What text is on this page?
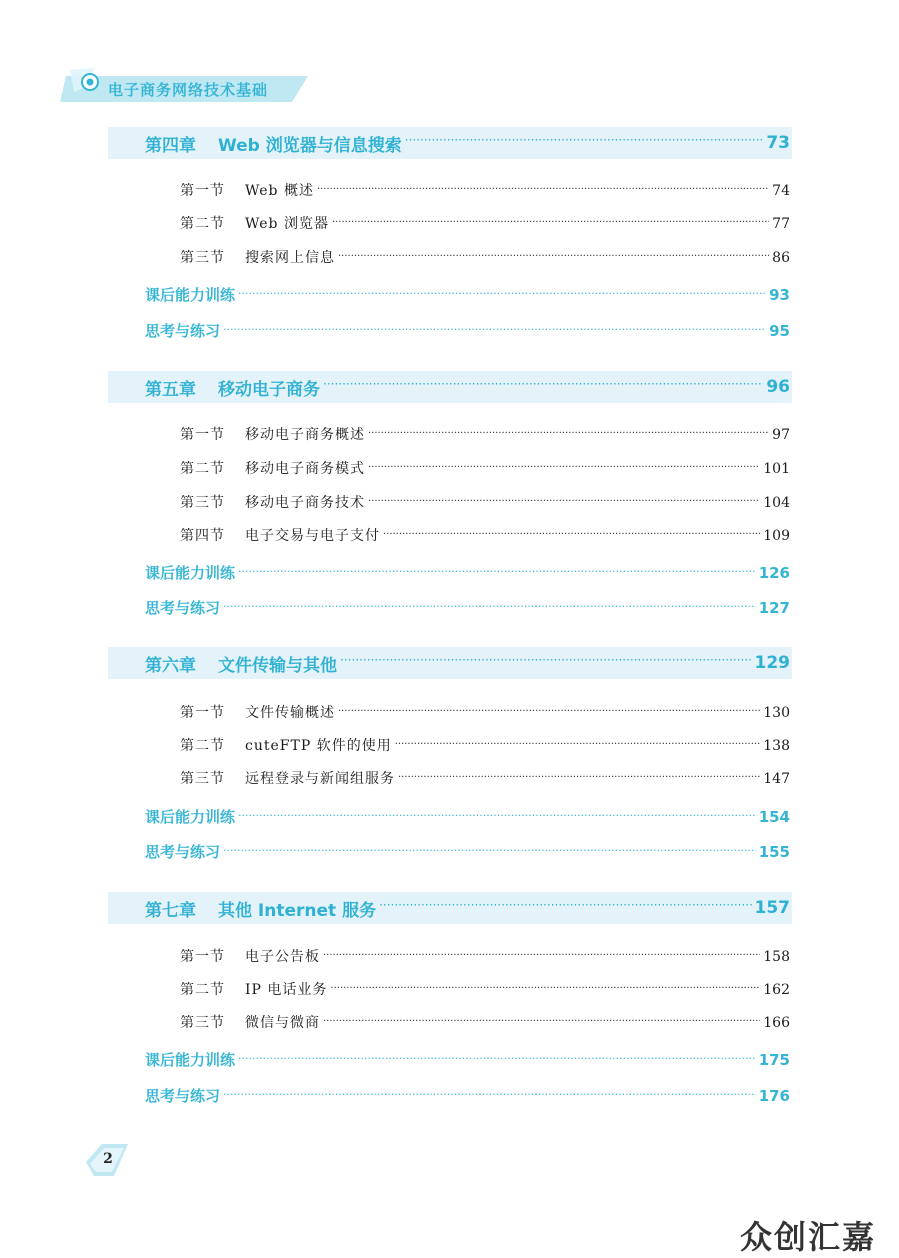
电子商务网络技术基础
第四章 Web 浏览器与信息搜索 ·····	73
第一节 Web 概述 ·····	74
第二节 Web 浏览器 ·····	77
第三节 搜索网上信息 ·····	86
课后能力训练 ·····	93
思考与练习 ·····	95
第五章 移动电子商务 ·····	96
第一节 移动电子商务概述 ·····	97
第二节 移动电子商务模式 ·····	101
第三节 移动电子商务技术 ·····	104
第四节 电子交易与电子支付 ·····	109
课后能力训练 ·····	126
思考与练习 ·····	127
第六章 文件传输与其他 ·····	129
第一节 文件传输概述 ·····	130
第二节 cuteFTP 软件的使用 ·····	138
第三节 远程登录与新闻组服务 ·····	147
课后能力训练 ·····	154
思考与练习 ·····	155
第七章 其他 Internet 服务 ·····	157
第一节 电子公告板 ·····	158
第二节 IP 电话业务 ·····	162
第三节 微信与微商 ·····	166
课后能力训练 ·····	175
思考与练习 ·····	176
2
众创汇嘉
